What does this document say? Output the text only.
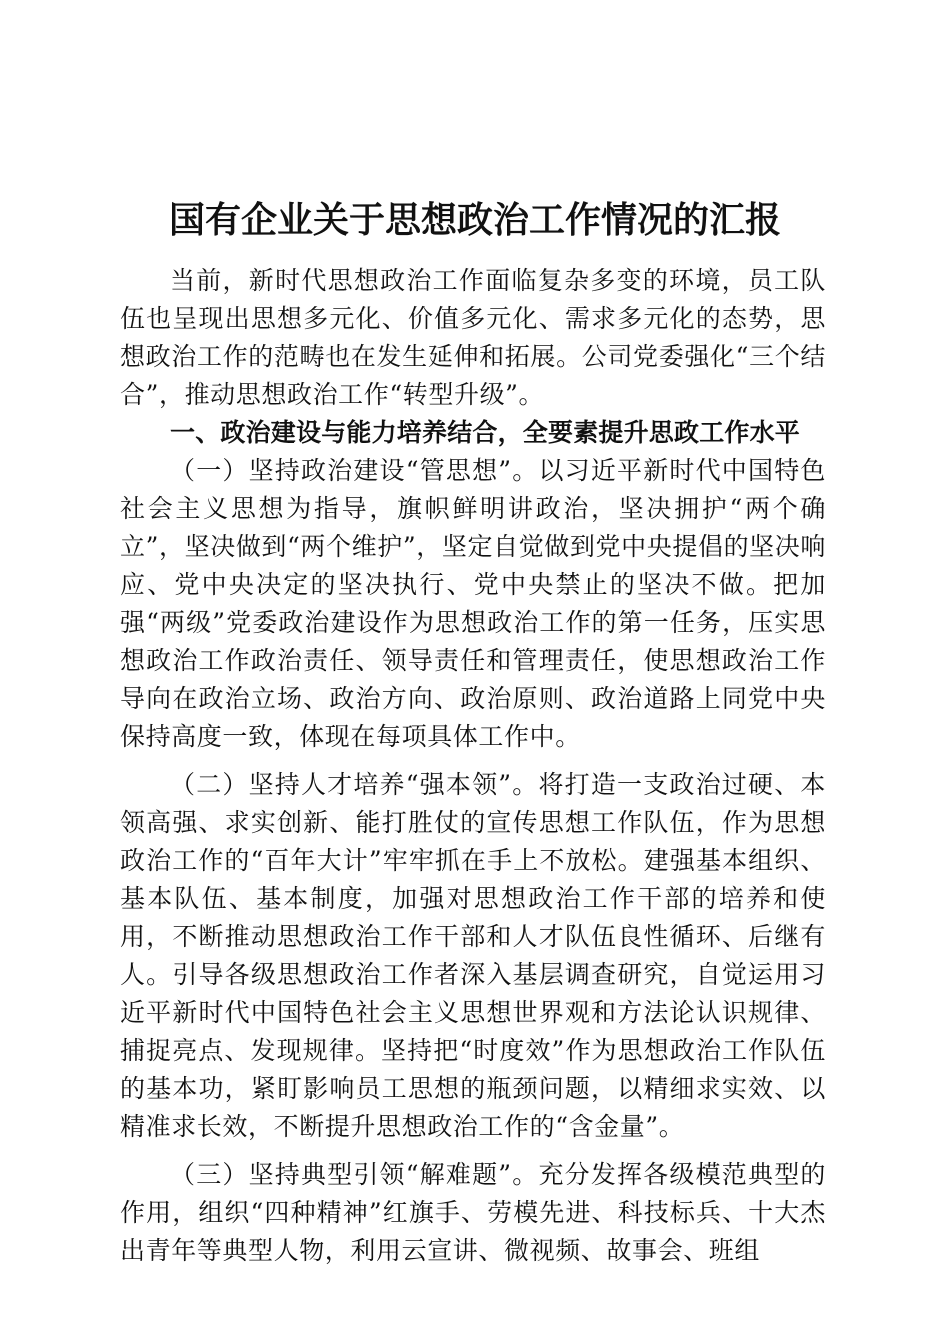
国有企业关于思想政治工作情况的汇报

当前，新时代思想政治工作面临复杂多变的环境，员工队伍也呈现出思想多元化、价值多元化、需求多元化的态势，思想政治工作的范畴也在发生延伸和拓展。公司党委强化“三个结合”，推动思想政治工作“转型升级”。

一、政治建设与能力培养结合，全要素提升思政工作水平

（一）坚持政治建设“管思想”。以习近平新时代中国特色社会主义思想为指导，旗帜鲜明讲政治，坚决拥护“两个确立”，坚决做到“两个维护”，坚定自觉做到党中央提倡的坚决响应、党中央决定的坚决执行、党中央禁止的坚决不做。把加强“两级”党委政治建设作为思想政治工作的第一任务，压实思想政治工作政治责任、领导责任和管理责任，使思想政治工作导向在政治立场、政治方向、政治原则、政治道路上同党中央保持高度一致，体现在每项具体工作中。

（二）坚持人才培养“强本领”。将打造一支政治过硬、本领高强、求实创新、能打胜仗的宣传思想工作队伍，作为思想政治工作的“百年大计”牢牢抓在手上不放松。建强基本组织、基本队伍、基本制度，加强对思想政治工作干部的培养和使用，不断推动思想政治工作干部和人才队伍良性循环、后继有人。引导各级思想政治工作者深入基层调查研究，自觉运用习近平新时代中国特色社会主义思想世界观和方法论认识规律、捕捉亮点、发现规律。坚持把“时度效”作为思想政治工作队伍的基本功，紧盯影响员工思想的瓶颈问题，以精细求实效、以精准求长效，不断提升思想政治工作的“含金量”。

（三）坚持典型引领“解难题”。充分发挥各级模范典型的作用，组织“四种精神”红旗手、劳模先进、科技标兵、十大杰出青年等典型人物，利用云宣讲、微视频、故事会、班组
